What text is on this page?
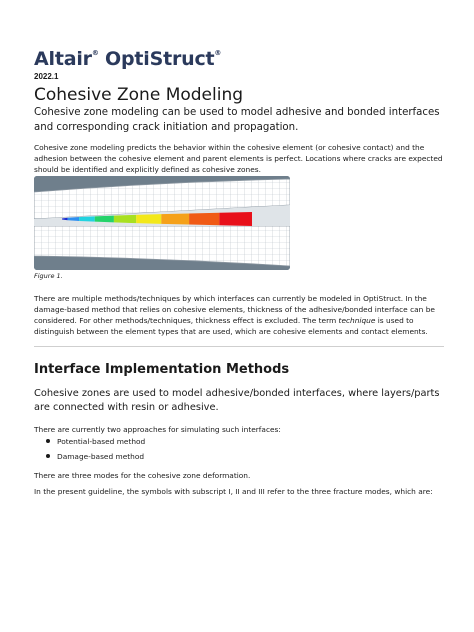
Altair® OptiStruct®
2022.1
Cohesive Zone Modeling

Cohesive zone modeling can be used to model adhesive and bonded interfaces and corresponding crack initiation and propagation.

Cohesive zone modeling predicts the behavior within the cohesive element (or cohesive contact) and the adhesion between the cohesive element and parent elements is perfect. Locations where cracks are expected should be identified and explicitly defined as cohesive zones.

Figure 1.

There are multiple methods/techniques by which interfaces can currently be modeled in OptiStruct. In the damage-based method that relies on cohesive elements, thickness of the adhesive/bonded interface can be considered. For other methods/techniques, thickness effect is excluded. The term technique is used to distinguish between the element types that are used, which are cohesive elements and contact elements.

Interface Implementation Methods

Cohesive zones are used to model adhesive/bonded interfaces, where layers/parts are connected with resin or adhesive.

There are currently two approaches for simulating such interfaces:

Potential-based method
Damage-based method

There are three modes for the cohesive zone deformation.

In the present guideline, the symbols with subscript I, II and III refer to the three fracture modes, which are:
